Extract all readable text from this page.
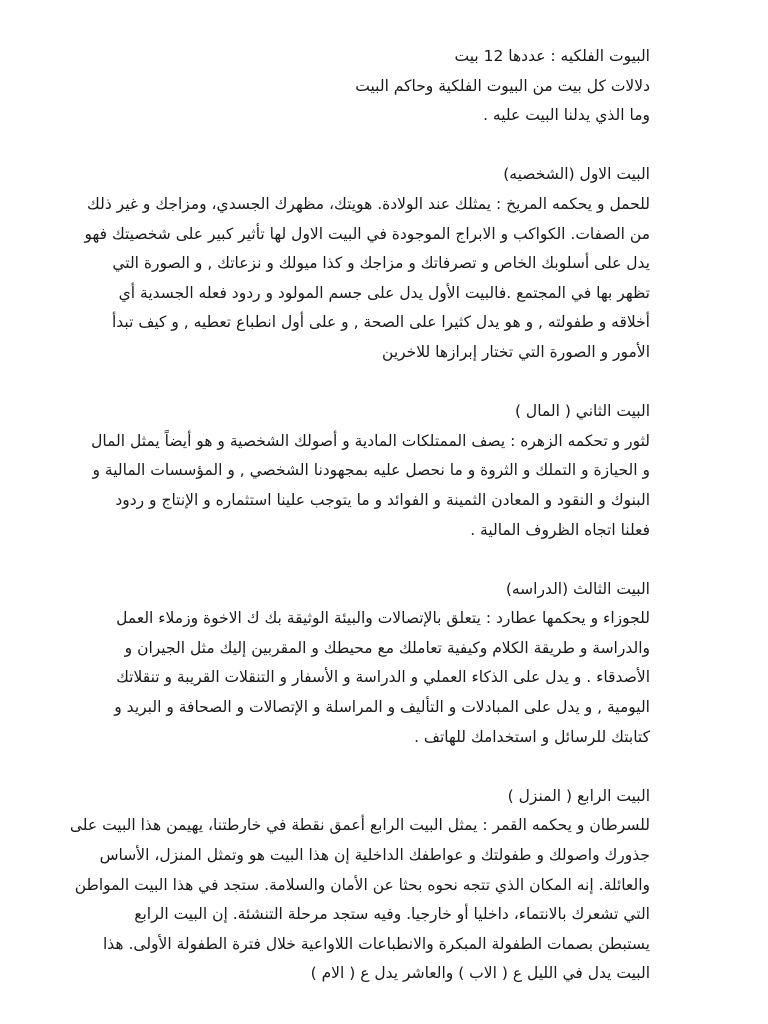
البيوت الفلكيه : عددها 12 بيت
دلالات كل بيت من البيوت الفلكية وحاكم البيت
وما الذي يدلنا البيت عليه .
البيت الاول (الشخصيه)
للحمل و يحكمه المريخ : يمثلك عند الولادة. هويتك، مظهرك الجسدي، ومزاجك و غير ذلك
من الصفات. الكواكب و الابراج الموجودة في البيت الاول لها تأثير كبير على شخصيتك فهو
يدل على أسلوبك الخاص و تصرفاتك و مزاجك و كذا ميولك و نزعاتك , و الصورة التي
تظهر بها في المجتمع .فالبيت الأول يدل على جسم المولود و ردود فعله الجسدية أي
أخلاقه و طفولته , و هو يدل كثيرا على الصحة , و على أول انطباع تعطيه , و كيف تبدأ
الأمور و الصورة التي تختار إبرازها للاخرين
البيت الثاني ( المال )
لثور و تحكمه الزهره : يصف الممتلكات المادية و أصولك الشخصية و هو أيضاً يمثل المال
و الحيازة و التملك و الثروة و ما نحصل عليه بمجهودنا الشخصي , و المؤسسات المالية و
البنوك و النقود و المعادن الثمينة و الفوائد و ما يتوجب علينا استثماره و الإنتاج و ردود
فعلنا اتجاه الظروف المالية .
البيت الثالث (الدراسه)
للجوزاء و يحكمها عطارد : يتعلق بالإتصالات والبيئة الوثيقة بك ك الاخوة وزملاء العمل
والدراسة و طريقة الكلام وكيفية تعاملك مع محيطك و المقربين إليك مثل الجيران و
الأصدقاء . و يدل على الذكاء العملي و الدراسة و الأسفار و التنقلات القريبة و تنقلاتك
اليومية , و يدل على المبادلات و التأليف و المراسلة و الإتصالات و الصحافة و البريد و
كتابتك للرسائل و استخدامك للهاتف .
البيت الرابع ( المنزل )
للسرطان و يحكمه القمر : يمثل البيت الرابع أعمق نقطة في خارطتنا، يهيمن هذا البيت على
جذورك واصولك و طفولتك و عواطفك الداخلية إن هذا البيت هو وتمثل المنزل، الأساس
والعائلة. إنه المكان الذي تتجه نحوه بحثا عن الأمان والسلامة. ستجد في هذا البيت المواطن
التي تشعرك بالانتماء، داخليا أو خارجيا. وفيه ستجد مرحلة التنشئة. إن البيت الرابع
يستبطن بصمات الطفولة المبكرة والانطباعات اللاواعية خلال فترة الطفولة الأولى. هذا
البيت يدل في الليل ع ( الاب ) والعاشر يدل ع ( الام )
